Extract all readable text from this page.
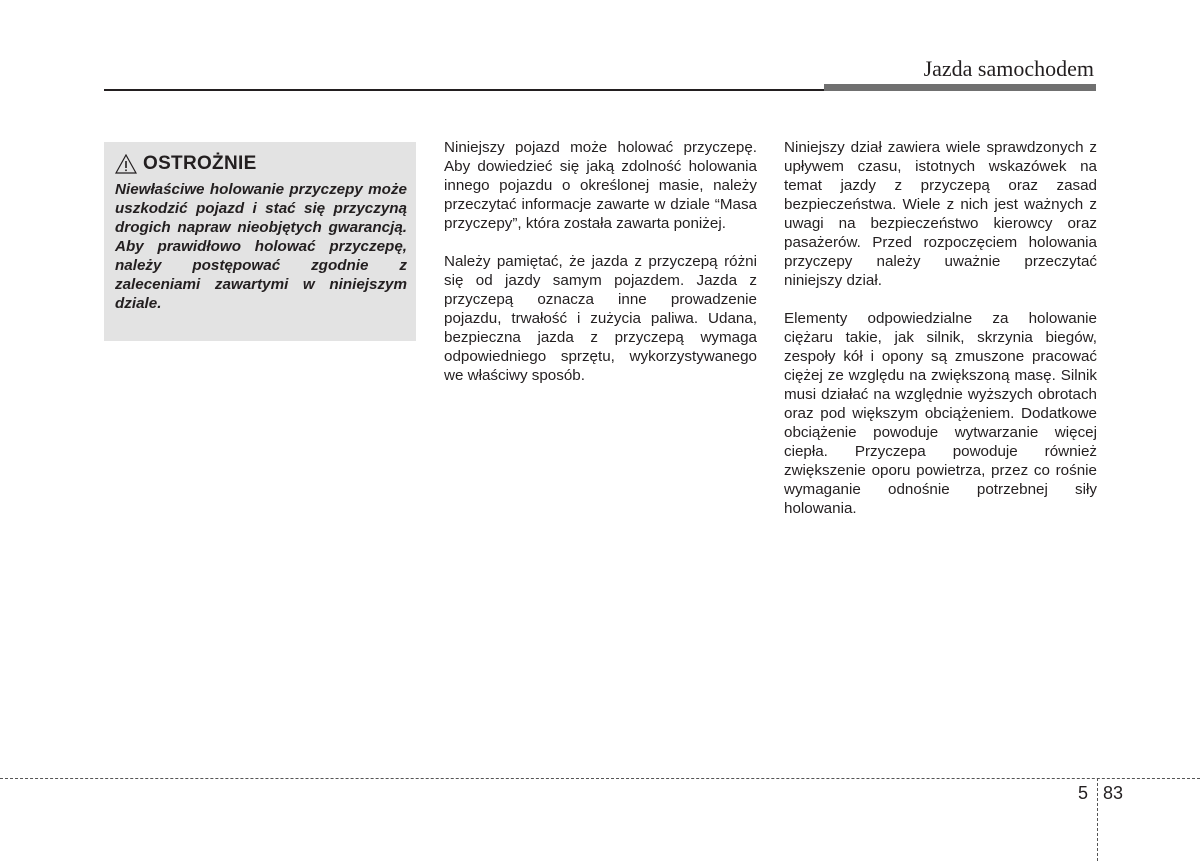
Jazda samochodem
OSTROŻNIE

Niewłaściwe holowanie przyczepy może uszkodzić pojazd i stać się przyczyną drogich napraw nieobjętych gwarancją. Aby prawidłowo holować przyczepę, należy postępować zgodnie z zaleceniami zawartymi w niniejszym dziale.

Niniejszy pojazd może holować przyczepę. Aby dowiedzieć się jaką zdolność holowania innego pojazdu o określonej masie, należy przeczytać informacje zawarte w dziale “Masa przyczepy”, która została zawarta poniżej.

Należy pamiętać, że jazda z przyczepą różni się od jazdy samym pojazdem. Jazda z przyczepą oznacza inne prowadzenie pojazdu, trwałość i zużycia paliwa. Udana, bezpieczna jazda z przyczepą wymaga odpowiedniego sprzętu, wykorzystywanego we właściwy sposób.

Niniejszy dział zawiera wiele sprawdzonych z upływem czasu, istotnych wskazówek na temat jazdy z przyczepą oraz zasad bezpieczeństwa. Wiele z nich jest ważnych z uwagi na bezpieczeństwo kierowcy oraz pasażerów. Przed rozpoczęciem holowania przyczepy należy uważnie przeczytać niniejszy dział.

Elementy odpowiedzialne za holowanie ciężaru takie, jak silnik, skrzynia biegów, zespoły kół i opony są zmuszone pracować ciężej ze względu na zwiększoną masę. Silnik musi działać na względnie wyższych obrotach oraz pod większym obciążeniem. Dodatkowe obciążenie powoduje wytwarzanie więcej ciepła. Przyczepa powoduje również zwiększenie oporu powietrza, przez co rośnie wymaganie odnośnie potrzebnej siły holowania.

5 83
